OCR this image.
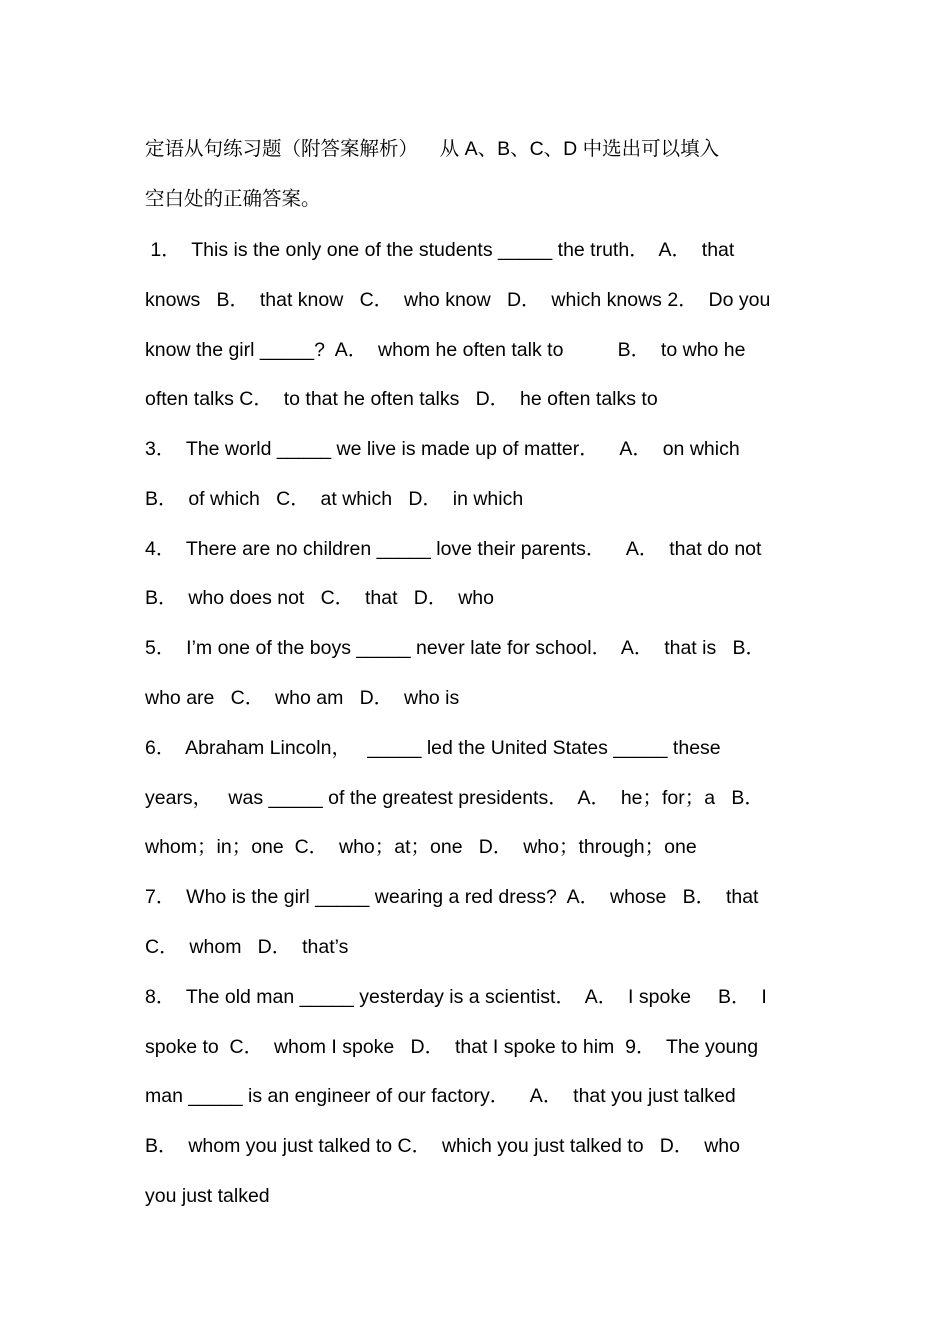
定语从句练习题（附答案解析）    从 A、B、C、D 中选出可以填入
空白处的正确答案。
1．  This is the only one of the students _____ the truth．  A．  that
knows   B．  that know   C．  who know   D．  which knows 2．  Do you
know the girl _____?  A．  whom he often talk to          B．  to who he
often talks C．  to that he often talks   D．  he often talks to
3．  The world _____ we live is made up of matter．    A．  on which
B．  of which   C．  at which   D．  in which
4．  There are no children _____ love their parents．    A．  that do not
B．  who does not   C．  that   D．  who
5．  I’m one of the boys _____ never late for school．  A．  that is   B．
who are   C．  who am   D．  who is
6．  Abraham Lincoln，   _____ led the United States _____ these
years，   was _____ of the greatest presidents．  A．  he；for；a   B．
whom；in；one  C．  who；at；one   D．  who；through；one
7．  Who is the girl _____ wearing a red dress?  A．  whose   B．  that
C．  whom   D．  that’s
8．  The old man _____ yesterday is a scientist．  A．  I spoke     B．  I
spoke to  C．  whom I spoke   D．  that I spoke to him  9．  The young
man _____ is an engineer of our factory．    A．  that you just talked
B．  whom you just talked to C．  which you just talked to   D．  who
you just talked
